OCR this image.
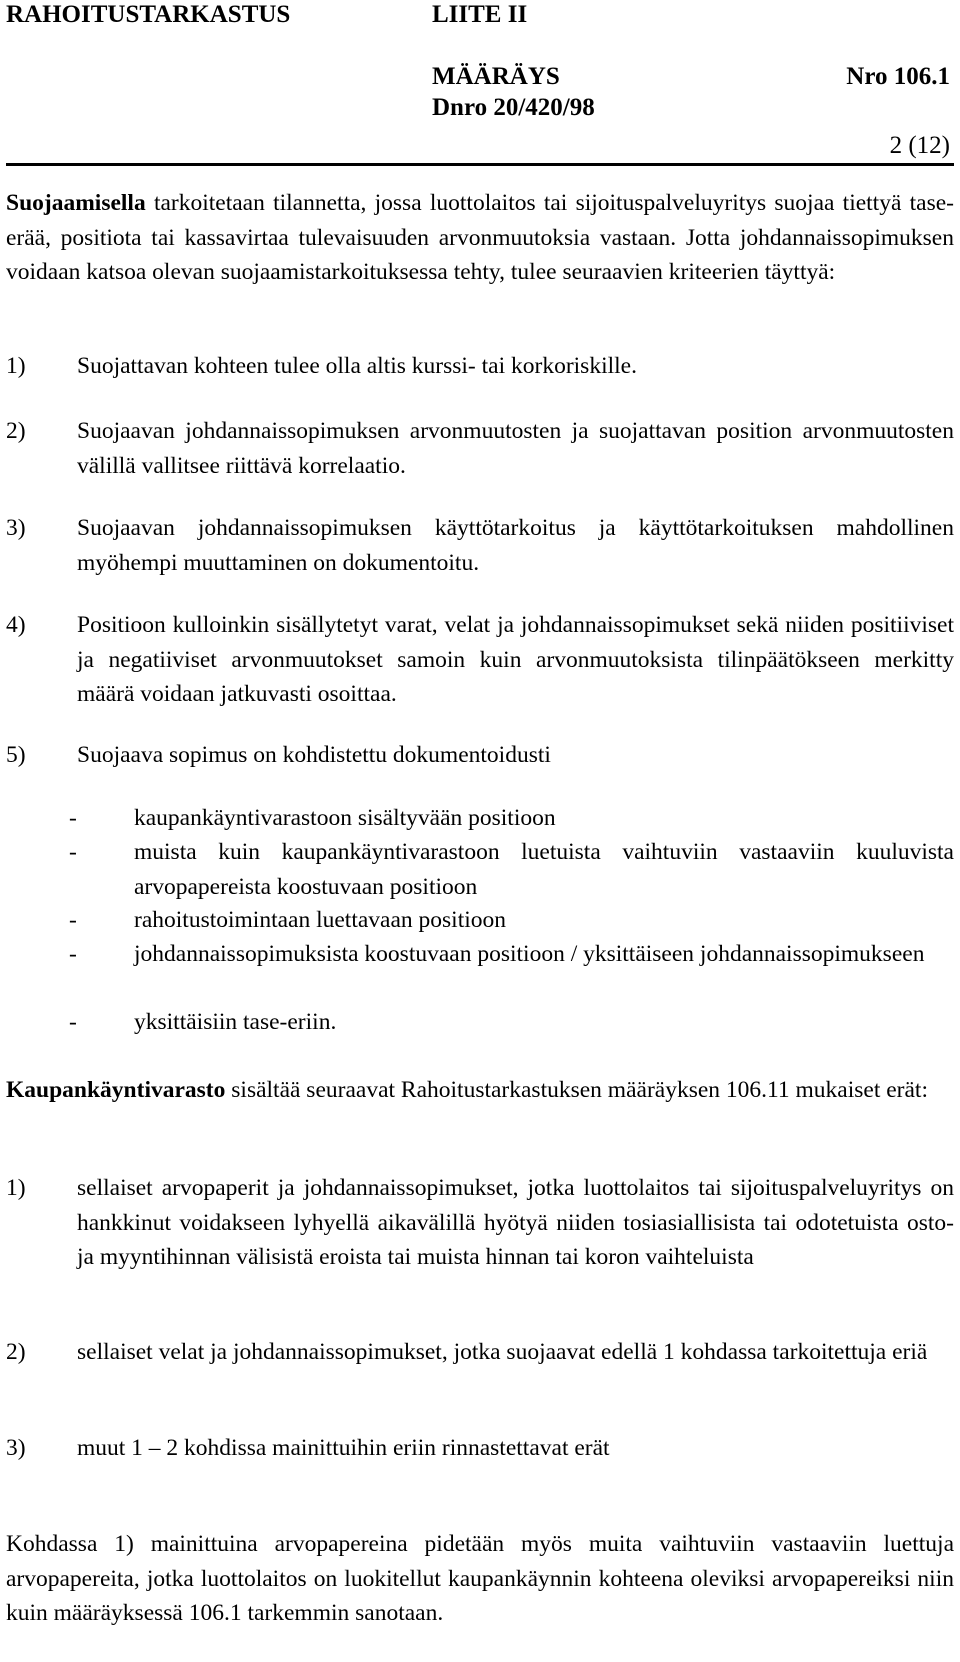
RAHOITUSTARKASTUS	LIITE II
MÄÄRÄYS	Nro 106.1
Dnro 20/420/98
2 (12)
Suojaamisella tarkoitetaan tilannetta, jossa luottolaitos tai sijoituspalveluyritys suojaa tiettyä tase-erää, positiota tai kassavirtaa tulevaisuuden arvonmuutoksia vastaan. Jotta johdannaissopimuksen voidaan katsoa olevan suojaamistarkoituksessa tehty, tulee seuraavien kriteerien täyttyä:
1) Suojattavan kohteen tulee olla altis kurssi- tai korkoriskille.
2) Suojaavan johdannaissopimuksen arvonmuutosten ja suojattavan position arvonmuutosten välillä vallitsee riittävä korrelaatio.
3) Suojaavan johdannaissopimuksen käyttötarkoitus ja käyttötarkoituksen mahdollinen myöhempi muuttaminen on dokumentoitu.
4) Positioon kulloinkin sisällytetyt varat, velat ja johdannaissopimukset sekä niiden positiiviset ja negatiiviset arvonmuutokset samoin kuin arvonmuutoksista tilinpäätökseen merkitty määrä voidaan jatkuvasti osoittaa.
5) Suojaava sopimus on kohdistettu dokumentoidusti
- kaupankäyntivarastoon sisältyvään positioon
- muista kuin kaupankäyntivarastoon luetuista vaihtuviin vastaaviin kuuluvista arvopapereista koostuvaan positioon
- rahoitustoimintaan luettavaan positioon
- johdannaissopimuksista koostuvaan positioon / yksittäiseen johdannaissopimukseen
- yksittäisiin tase-eriin.
Kaupankäyntivarasto sisältää seuraavat Rahoitustarkastuksen määräyksen 106.11 mukaiset erät:
1) sellaiset arvopaperit ja johdannaissopimukset, jotka luottolaitos tai sijoituspalveluyritys on hankkinut voidakseen lyhyellä aikavälillä hyötyä niiden tosiasiallisista tai odotetuista osto- ja myyntihinnan välisistä eroista tai muista hinnan tai koron vaihteluista
2) sellaiset velat ja johdannaissopimukset, jotka suojaavat edellä 1 kohdassa tarkoitettuja eriä
3) muut 1 – 2 kohdissa mainittuihin eriin rinnastettavat erät
Kohdassa 1) mainittuina arvopapereina pidetään myös muita vaihtuviin vastaaviin luettuja arvopapereita, jotka luottolaitos on luokitellut kaupankäynnin kohteena oleviksi arvopapereiksi niin kuin määräyksessä 106.1 tarkemmin sanotaan.
